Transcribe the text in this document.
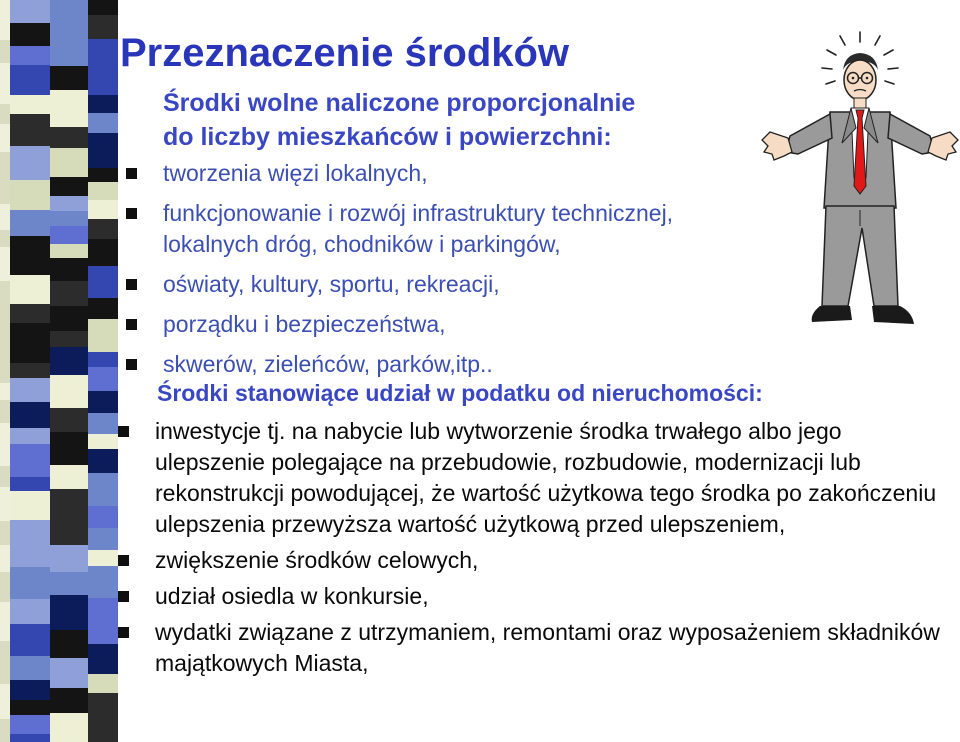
Przeznaczenie środków
Środki wolne naliczone proporcjonalnie
do liczby mieszkańców i powierzchni:
tworzenia więzi lokalnych,
funkcjonowanie i rozwój infrastruktury technicznej, lokalnych dróg, chodników i parkingów,
oświaty, kultury, sportu, rekreacji,
porządku i bezpieczeństwa,
skwerów, zieleńców, parków,itp..
Środki stanowiące udział w podatku od nieruchomości:
inwestycje tj. na nabycie lub wytworzenie środka trwałego albo jego ulepszenie polegające na przebudowie, rozbudowie, modernizacji lub rekonstrukcji powodującej, że wartość użytkowa tego środka po zakończeniu ulepszenia przewyższa wartość użytkową przed ulepszeniem,
zwiększenie środków celowych,
udział osiedla w konkursie,
wydatki związane z utrzymaniem, remontami oraz wyposażeniem składników majątkowych Miasta,
